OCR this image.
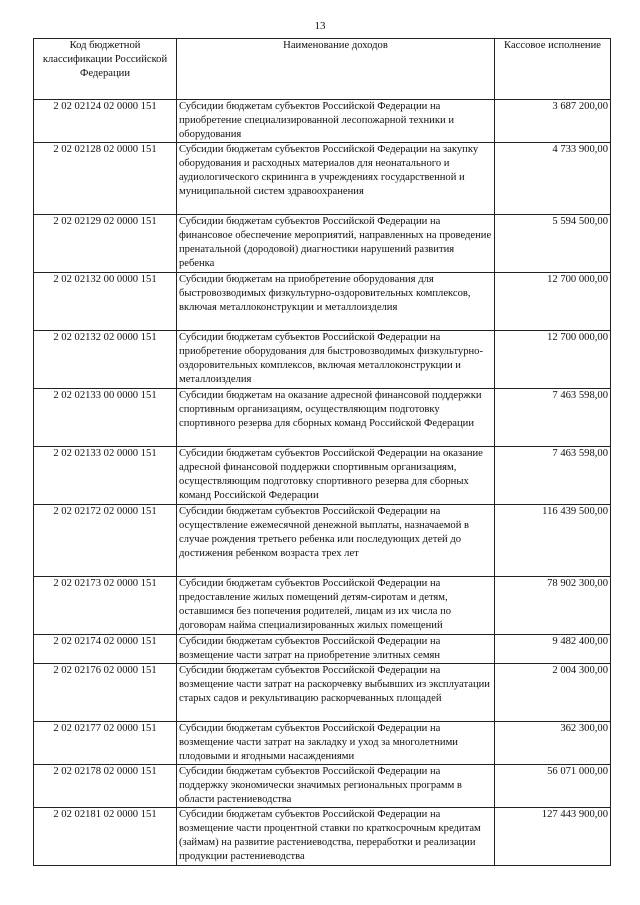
13
Код бюджетной классификации Российской Федерации	Наименование доходов	Кассовое исполнение
2 02 02124 02 0000 151	Субсидии бюджетам субъектов Российской Федерации на приобретение специализированной лесопожарной техники и оборудования	3 687 200,00
2 02 02128 02 0000 151	Субсидии бюджетам субъектов Российской Федерации на закупку оборудования и расходных материалов для неонатального и аудиологического скрининга в учреждениях государственной и муниципальной систем здравоохранения	4 733 900,00
2 02 02129 02 0000 151	Субсидии бюджетам субъектов Российской Федерации на финансовое обеспечение мероприятий, направленных на проведение пренатальной (дородовой) диагностики нарушений развития ребенка	5 594 500,00
2 02 02132 00 0000 151	Субсидии бюджетам на приобретение оборудования для быстровозводимых физкультурно-оздоровительных комплексов, включая металлоконструкции и металлоизделия	12 700 000,00
2 02 02132 02 0000 151	Субсидии бюджетам субъектов Российской Федерации на приобретение оборудования для быстровозводимых физкультурно-оздоровительных комплексов, включая металлоконструкции и металлоизделия	12 700 000,00
2 02 02133 00 0000 151	Субсидии бюджетам на оказание адресной финансовой поддержки спортивным организациям, осуществляющим подготовку спортивного резерва для сборных команд Российской Федерации	7 463 598,00
2 02 02133 02 0000 151	Субсидии бюджетам субъектов Российской Федерации на оказание адресной финансовой поддержки спортивным организациям, осуществляющим подготовку спортивного резерва для сборных команд Российской Федерации	7 463 598,00
2 02 02172 02 0000 151	Субсидии бюджетам субъектов Российской Федерации на осуществление ежемесячной денежной выплаты, назначаемой в случае рождения третьего ребенка или последующих детей до достижения ребенком возраста трех лет	116 439 500,00
2 02 02173 02 0000 151	Субсидии бюджетам субъектов Российской Федерации на предоставление жилых помещений детям-сиротам и детям, оставшимся без попечения родителей, лицам из их числа по договорам найма специализированных жилых помещений	78 902 300,00
2 02 02174 02 0000 151	Субсидии бюджетам субъектов Российской Федерации на возмещение части затрат на приобретение элитных семян	9 482 400,00
2 02 02176 02 0000 151	Субсидии бюджетам субъектов Российской Федерации на возмещение части затрат на раскорчевку выбывших из эксплуатации старых садов и рекультивацию раскорчеванных площадей	2 004 300,00
2 02 02177 02 0000 151	Субсидии бюджетам субъектов Российской Федерации на возмещение части затрат на закладку и уход за многолетними плодовыми и ягодными насаждениями	362 300,00
2 02 02178 02 0000 151	Субсидии бюджетам субъектов Российской Федерации на поддержку экономически значимых региональных программ в области растениеводства	56 071 000,00
2 02 02181 02 0000 151	Субсидии бюджетам субъектов Российской Федерации на возмещение части процентной ставки по краткосрочным кредитам (займам) на развитие растениеводства, переработки и реализации продукции растениеводства	127 443 900,00
